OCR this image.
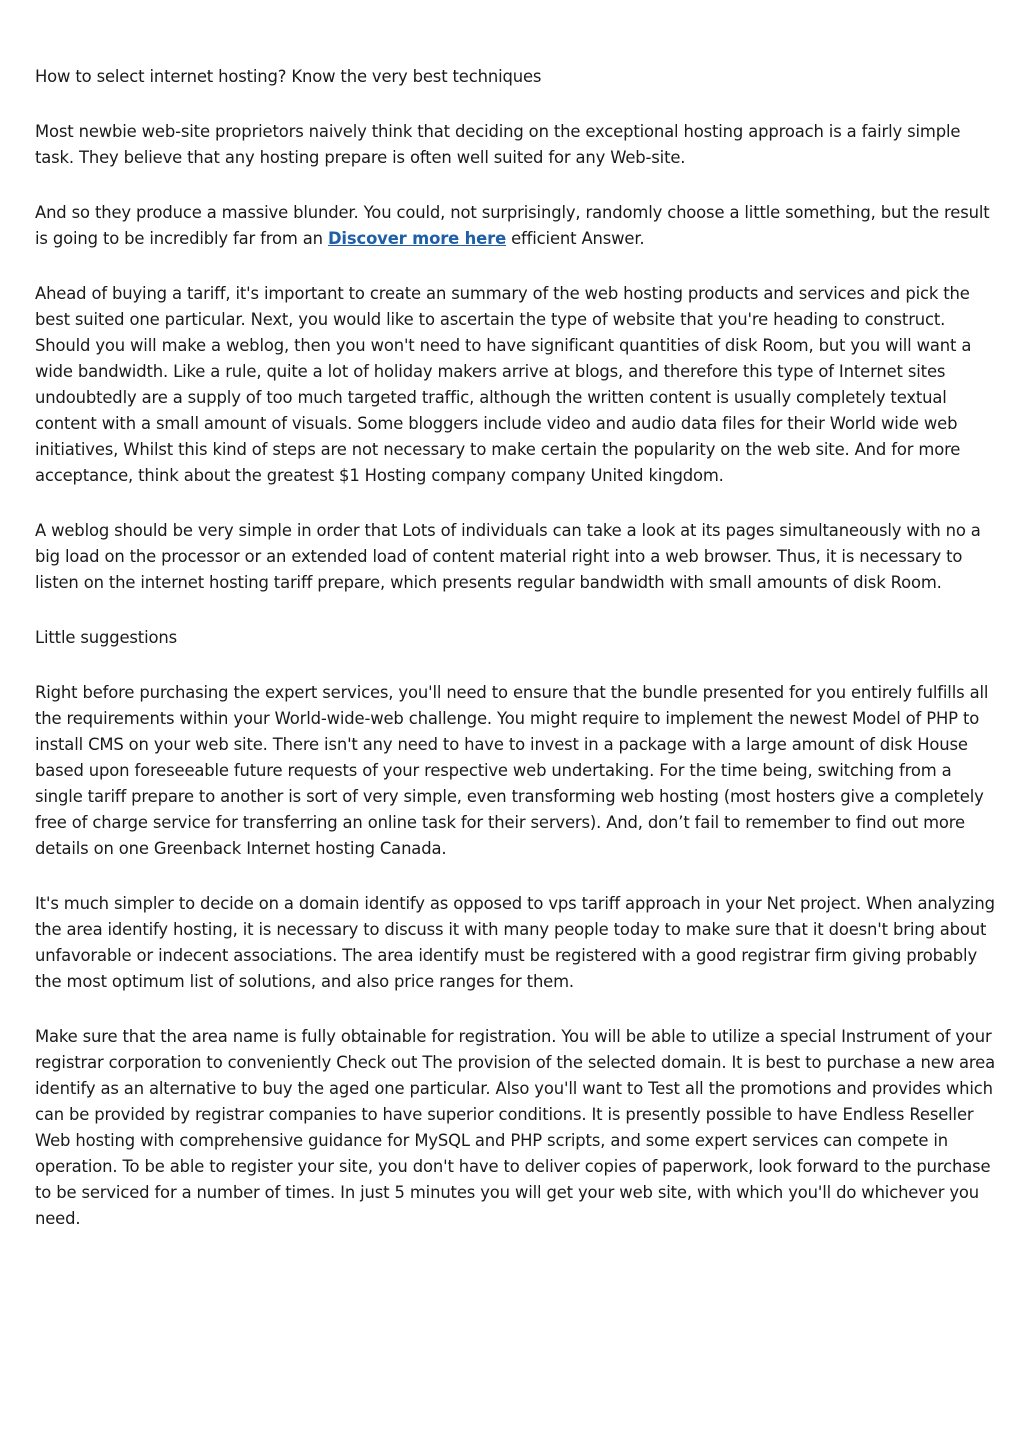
How to select internet hosting? Know the very best techniques

Most newbie web-site proprietors naively think that deciding on the exceptional hosting approach is a fairly simple task. They believe that any hosting prepare is often well suited for any Web-site.

And so they produce a massive blunder. You could, not surprisingly, randomly choose a little something, but the result is going to be incredibly far from an Discover more here efficient Answer.

Ahead of buying a tariff, it's important to create an summary of the web hosting products and services and pick the best suited one particular. Next, you would like to ascertain the type of website that you're heading to construct. Should you will make a weblog, then you won't need to have significant quantities of disk Room, but you will want a wide bandwidth. Like a rule, quite a lot of holiday makers arrive at blogs, and therefore this type of Internet sites undoubtedly are a supply of too much targeted traffic, although the written content is usually completely textual content with a small amount of visuals. Some bloggers include video and audio data files for their World wide web initiatives, Whilst this kind of steps are not necessary to make certain the popularity on the web site. And for more acceptance, think about the greatest $1 Hosting company company United kingdom.

A weblog should be very simple in order that Lots of individuals can take a look at its pages simultaneously with no a big load on the processor or an extended load of content material right into a web browser. Thus, it is necessary to listen on the internet hosting tariff prepare, which presents regular bandwidth with small amounts of disk Room.

Little suggestions

Right before purchasing the expert services, you'll need to ensure that the bundle presented for you entirely fulfills all the requirements within your World-wide-web challenge. You might require to implement the newest Model of PHP to install CMS on your web site. There isn't any need to have to invest in a package with a large amount of disk House based upon foreseeable future requests of your respective web undertaking. For the time being, switching from a single tariff prepare to another is sort of very simple, even transforming web hosting (most hosters give a completely free of charge service for transferring an online task for their servers). And, don’t fail to remember to find out more details on one Greenback Internet hosting Canada.

It's much simpler to decide on a domain identify as opposed to vps tariff approach in your Net project. When analyzing the area identify hosting, it is necessary to discuss it with many people today to make sure that it doesn't bring about unfavorable or indecent associations. The area identify must be registered with a good registrar firm giving probably the most optimum list of solutions, and also price ranges for them.

Make sure that the area name is fully obtainable for registration. You will be able to utilize a special Instrument of your registrar corporation to conveniently Check out The provision of the selected domain. It is best to purchase a new area identify as an alternative to buy the aged one particular. Also you'll want to Test all the promotions and provides which can be provided by registrar companies to have superior conditions. It is presently possible to have Endless Reseller Web hosting with comprehensive guidance for MySQL and PHP scripts, and some expert services can compete in operation. To be able to register your site, you don't have to deliver copies of paperwork, look forward to the purchase to be serviced for a number of times. In just 5 minutes you will get your web site, with which you'll do whichever you need.
